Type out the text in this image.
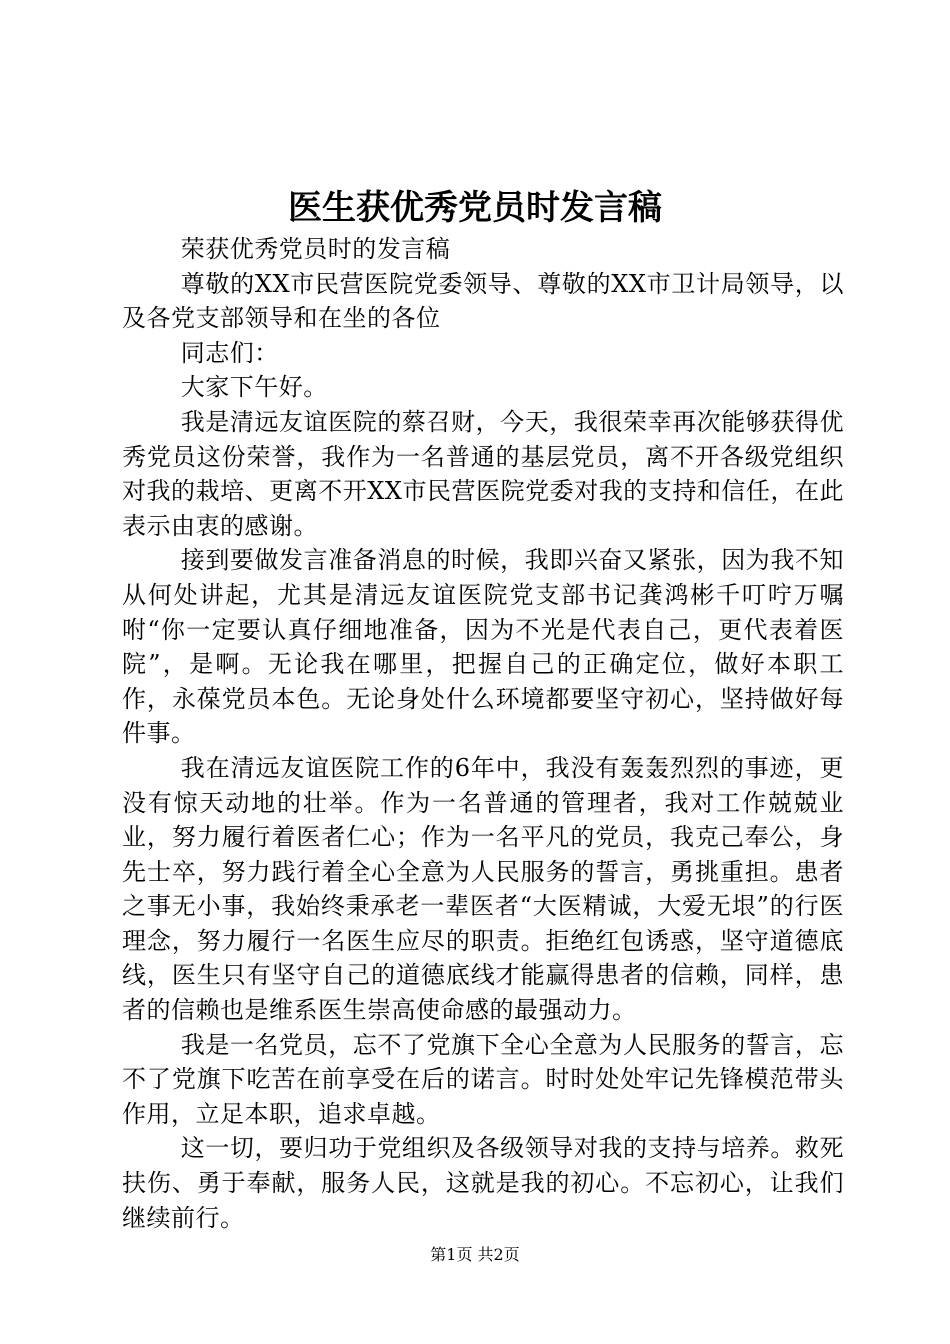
医生获优秀党员时发言稿

荣获优秀党员时的发言稿

尊敬的XX市民营医院党委领导、尊敬的XX市卫计局领导，以及各党支部领导和在坐的各位

同志们：

大家下午好。

我是清远友谊医院的蔡召财，今天，我很荣幸再次能够获得优秀党员这份荣誉，我作为一名普通的基层党员，离不开各级党组织对我的栽培、更离不开XX市民营医院党委对我的支持和信任，在此表示由衷的感谢。

接到要做发言准备消息的时候，我即兴奋又紧张，因为我不知从何处讲起，尤其是清远友谊医院党支部书记龚鸿彬千叮咛万嘱咐“你一定要认真仔细地准备，因为不光是代表自己，更代表着医院”，是啊。无论我在哪里，把握自己的正确定位，做好本职工作，永葆党员本色。无论身处什么环境都要坚守初心，坚持做好每件事。

我在清远友谊医院工作的6年中，我没有轰轰烈烈的事迹，更没有惊天动地的壮举。作为一名普通的管理者，我对工作兢兢业业，努力履行着医者仁心；作为一名平凡的党员，我克己奉公，身先士卒，努力践行着全心全意为人民服务的誓言，勇挑重担。患者之事无小事，我始终秉承老一辈医者“大医精诚，大爱无垠”的行医理念，努力履行一名医生应尽的职责。拒绝红包诱惑，坚守道德底线，医生只有坚守自己的道德底线才能赢得患者的信赖，同样，患者的信赖也是维系医生崇高使命感的最强动力。

我是一名党员，忘不了党旗下全心全意为人民服务的誓言，忘不了党旗下吃苦在前享受在后的诺言。时时处处牢记先锋模范带头作用，立足本职，追求卓越。

这一切，要归功于党组织及各级领导对我的支持与培养。救死扶伤、勇于奉献，服务人民，这就是我的初心。不忘初心，让我们继续前行。

第1页 共2页
